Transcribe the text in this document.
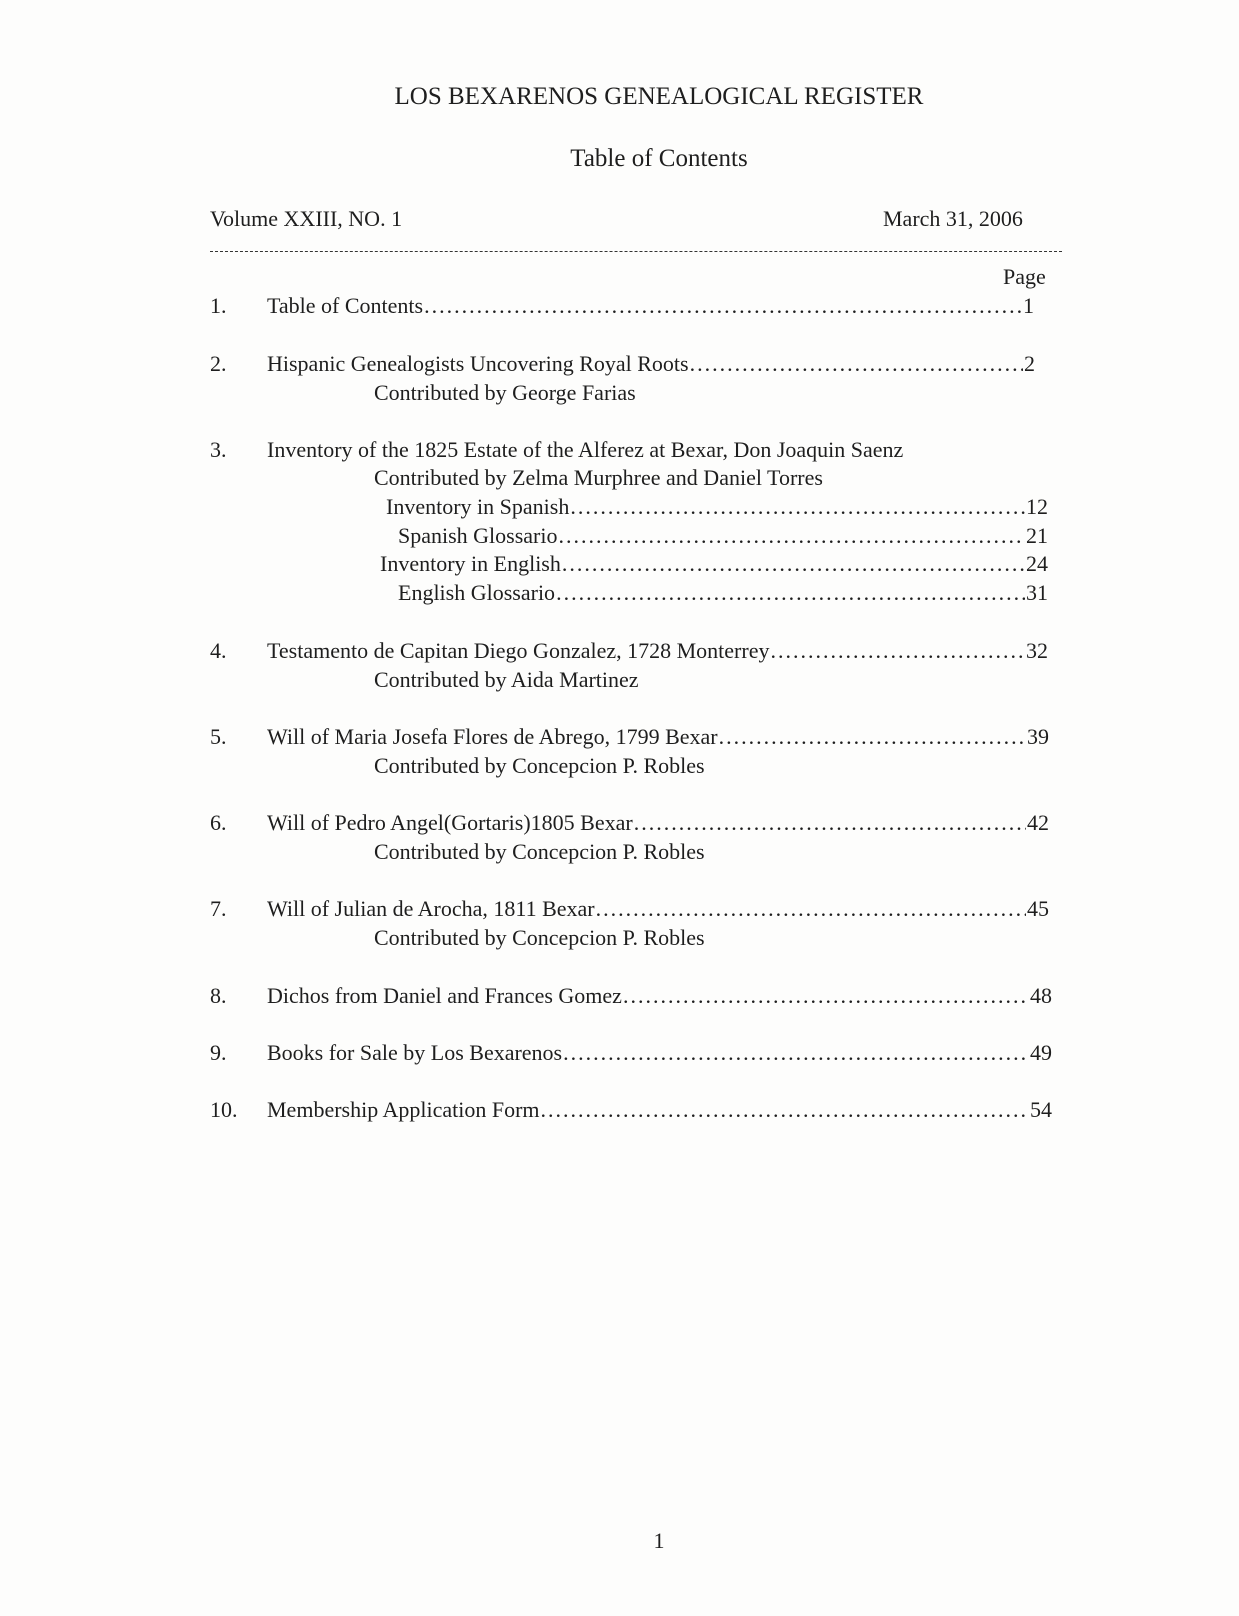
LOS BEXARENOS GENEALOGICAL REGISTER
Table of Contents
Volume XXIII, NO. 1	March 31, 2006
Page
1. Table of Contents .....	1
2. Hispanic Genealogists Uncovering Royal Roots .....	2
Contributed by George Farias
3. Inventory of the 1825 Estate of the Alferez at Bexar, Don Joaquin Saenz
Contributed by Zelma Murphree and Daniel Torres
Inventory in Spanish .....	12
Spanish Glossario .....	21
Inventory in English .....	24
English Glossario .....	31
4. Testamento de Capitan Diego Gonzalez, 1728 Monterrey .....	32
Contributed by Aida Martinez
5. Will of Maria Josefa Flores de Abrego, 1799 Bexar .....	39
Contributed by Concepcion P. Robles
6. Will of Pedro Angel(Gortaris)1805 Bexar .....	42
Contributed by Concepcion P. Robles
7. Will of Julian de Arocha, 1811 Bexar .....	45
Contributed by Concepcion P. Robles
8. Dichos from Daniel and Frances Gomez .....	48
9. Books for Sale by Los Bexarenos .....	49
10. Membership Application Form .....	54
1
